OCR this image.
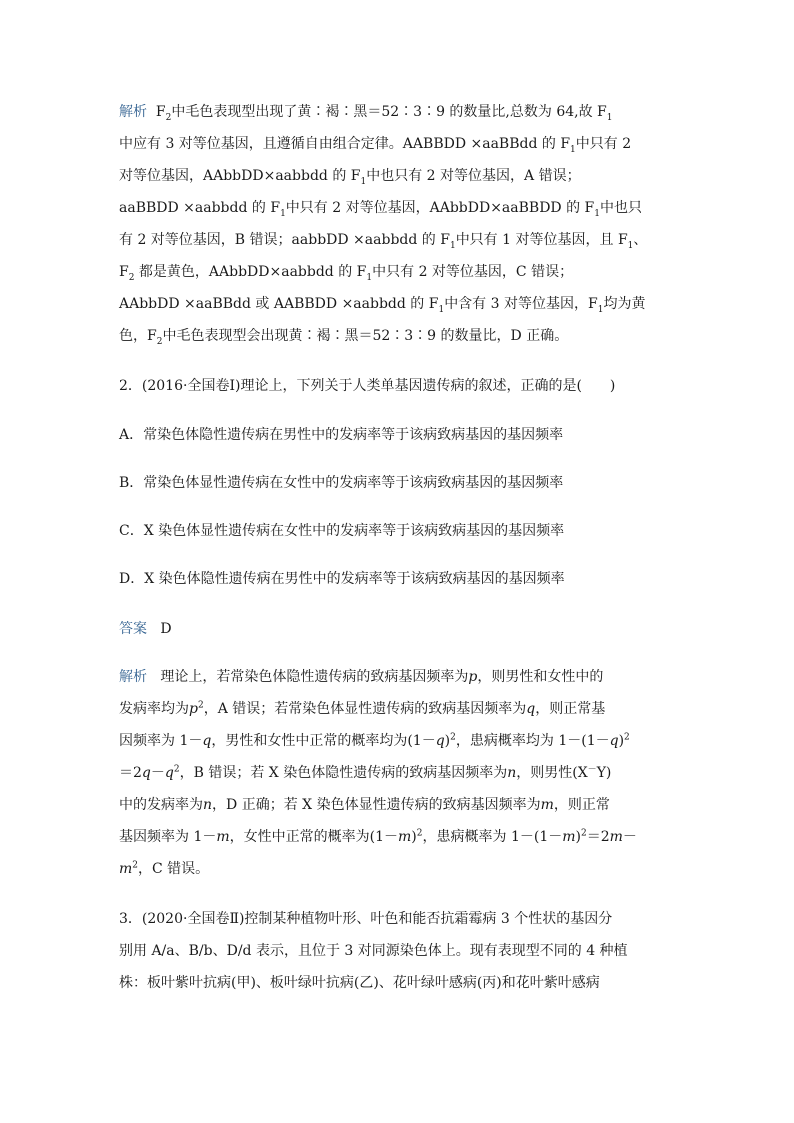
解析 $F_2$中毛色表现型出现了黄∶褐∶黑＝52∶3∶9 的数量比,总数为 64,故 $F_1$
中应有 3 对等位基因，且遵循自由组合定律。AABBDD ×aaBBdd 的 $F_1$中只有 2
对等位基因，AAbbDD×aabbdd 的 $F_1$中也只有 2 对等位基因，A 错误；
aaBBDD ×aabbdd 的 $F_1$中只有 2 对等位基因，AAbbDD×aaBBDD 的 $F_1$中也只
有 2 对等位基因，B 错误；aabbDD ×aabbdd 的 $F_1$中只有 1 对等位基因，且 $F_1$、
$F_2$ 都是黄色，AAbbDD×aabbdd 的 $F_1$中只有 2 对等位基因，C 错误；
AAbbDD ×aaBBdd 或 AABBDD ×aabbdd 的 $F_1$中含有 3 对等位基因，$F_1$均为黄
色，$F_2$中毛色表现型会出现黄∶褐∶黑＝52∶3∶9 的数量比，D 正确。
2．(2016·全国卷Ⅰ)理论上，下列关于人类单基因遗传病的叙述，正确的是(　　)
A．常染色体隐性遗传病在男性中的发病率等于该病致病基因的基因频率
B．常染色体显性遗传病在女性中的发病率等于该病致病基因的基因频率
C．X 染色体显性遗传病在女性中的发病率等于该病致病基因的基因频率
D．X 染色体隐性遗传病在男性中的发病率等于该病致病基因的基因频率
答案 D
解析 理论上，若常染色体隐性遗传病的致病基因频率为p，则男性和女性中的
发病率均为$p^2$，A 错误；若常染色体显性遗传病的致病基因频率为q，则正常基
因频率为 1－q，男性和女性中正常的概率均为$(1-q)^2$，患病概率均为 $1-(1-q)^2$
$=2q-q^2$，B 错误；若 X 染色体隐性遗传病的致病基因频率为n，则男性(X－Y)
中的发病率为n，D 正确；若 X 染色体显性遗传病的致病基因频率为m，则正常
基因频率为 1－m，女性中正常的概率为$(1-m)^2$，患病概率为 $1-(1-m)^2=2m-$
$m^2$，C 错误。
3．(2020·全国卷Ⅱ)控制某种植物叶形、叶色和能否抗霜霉病 3 个性状的基因分
别用 A/a、B/b、D/d 表示，且位于 3 对同源染色体上。现有表现型不同的 4 种植
株：板叶紫叶抗病(甲)、板叶绿叶抗病(乙)、花叶绿叶感病(丙)和花叶紫叶感病
